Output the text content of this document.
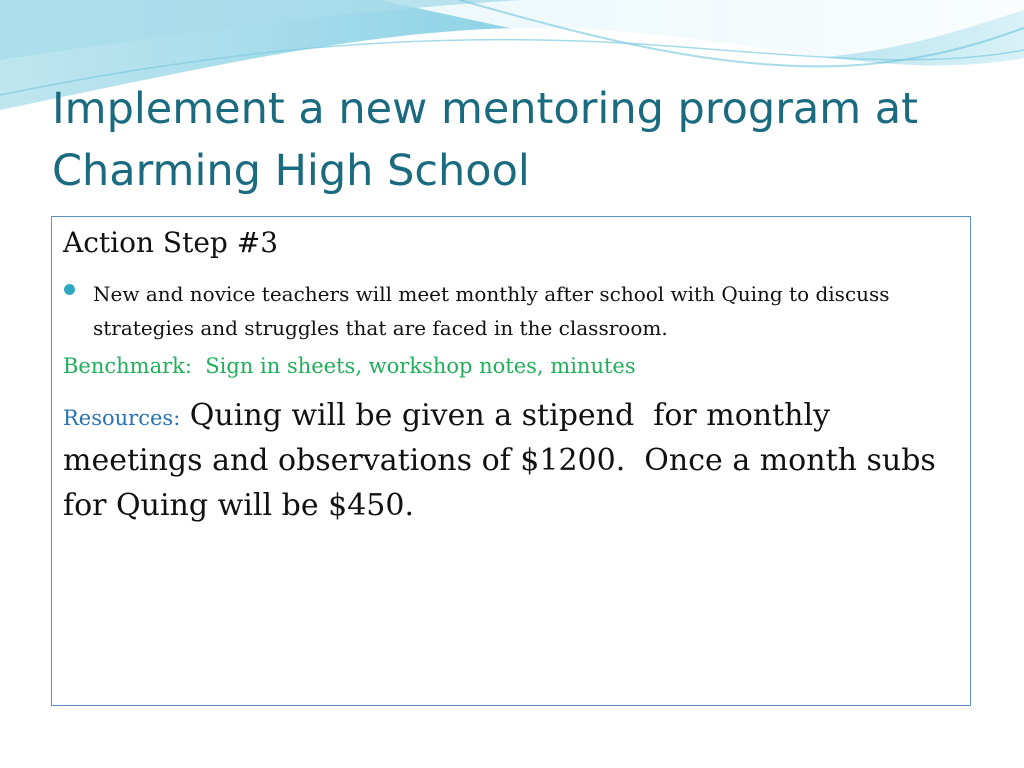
Implement a new mentoring program at Charming High School
Action Step #3
New and novice teachers will meet monthly after school with Quing to discuss strategies and struggles that are faced in the classroom.
Benchmark:  Sign in sheets, workshop notes, minutes
Resources: Quing will be given a stipend  for monthly meetings and observations of $1200.  Once a month subs for Quing will be $450.
